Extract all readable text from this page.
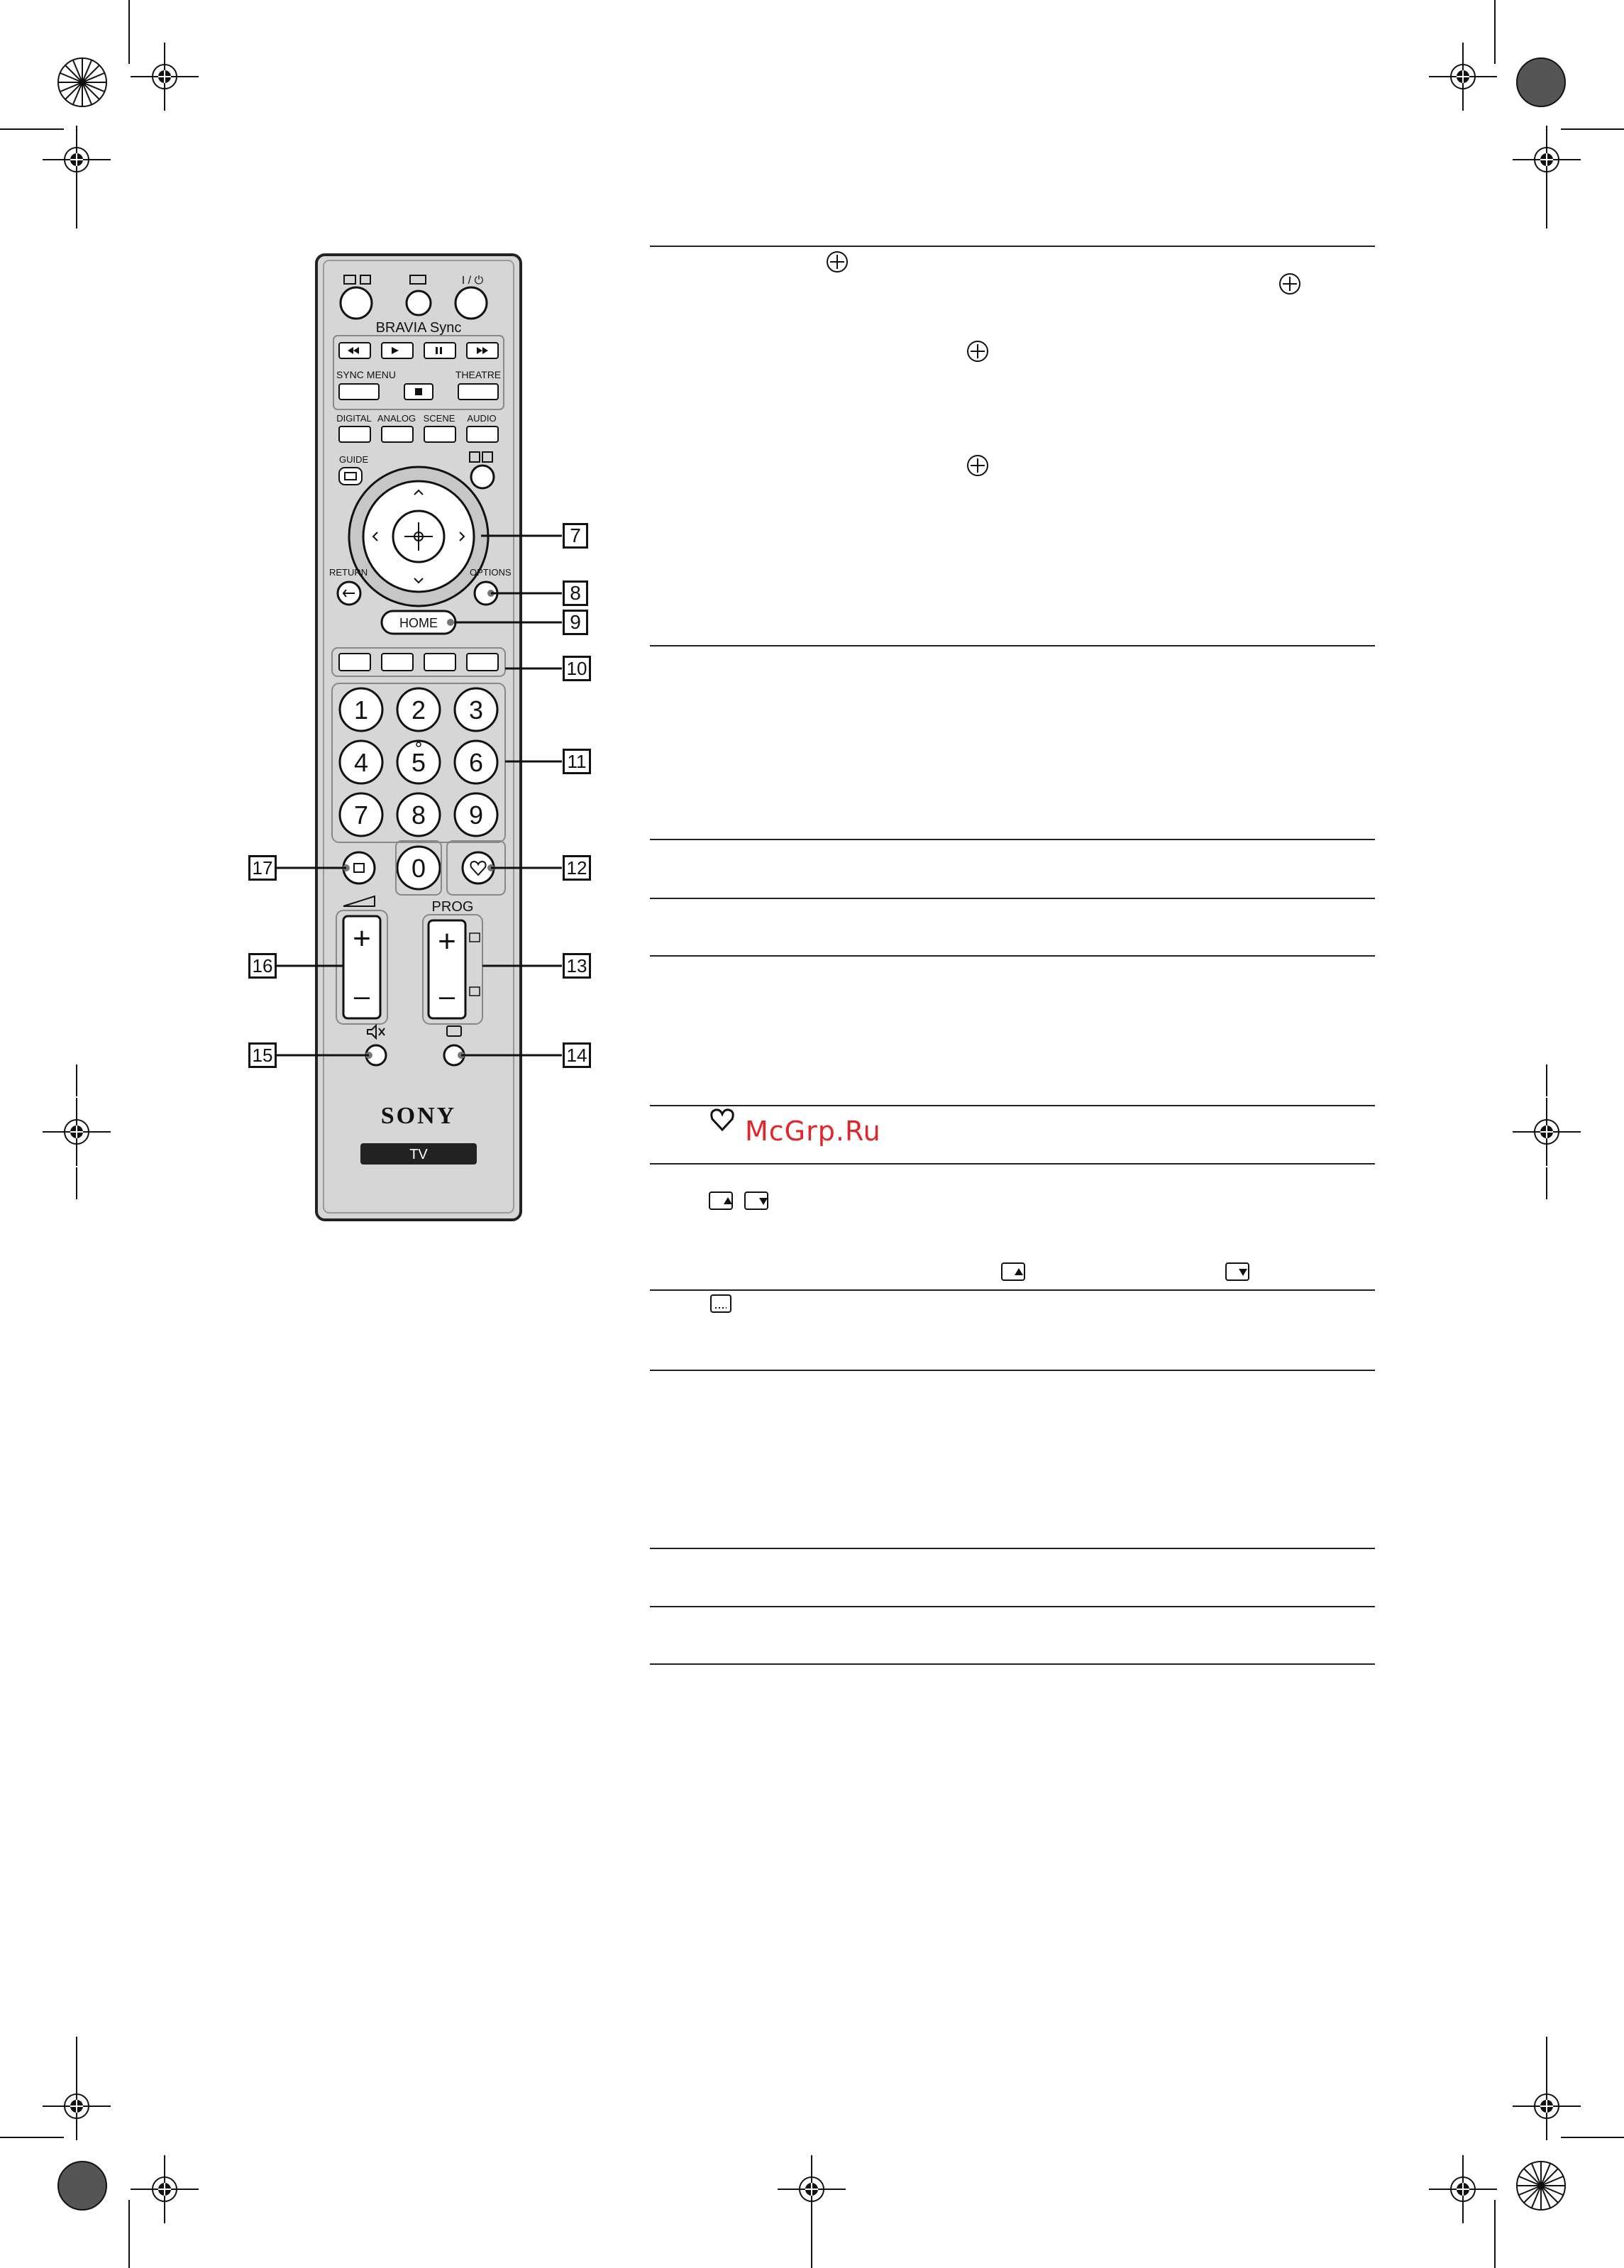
I / ⏻
BRAVIA Sync
SYNC MENU	THEATRE
DIGITAL ANALOG SCENE AUDIO
GUIDE
RETURN	OPTIONS
HOME
1 2 3
4 5 6
7 8 9
0
+
–
PROG
+
–
SONY
TV
7
8
9
10
11
12
13
14
15
16
17
McGrp.Ru
